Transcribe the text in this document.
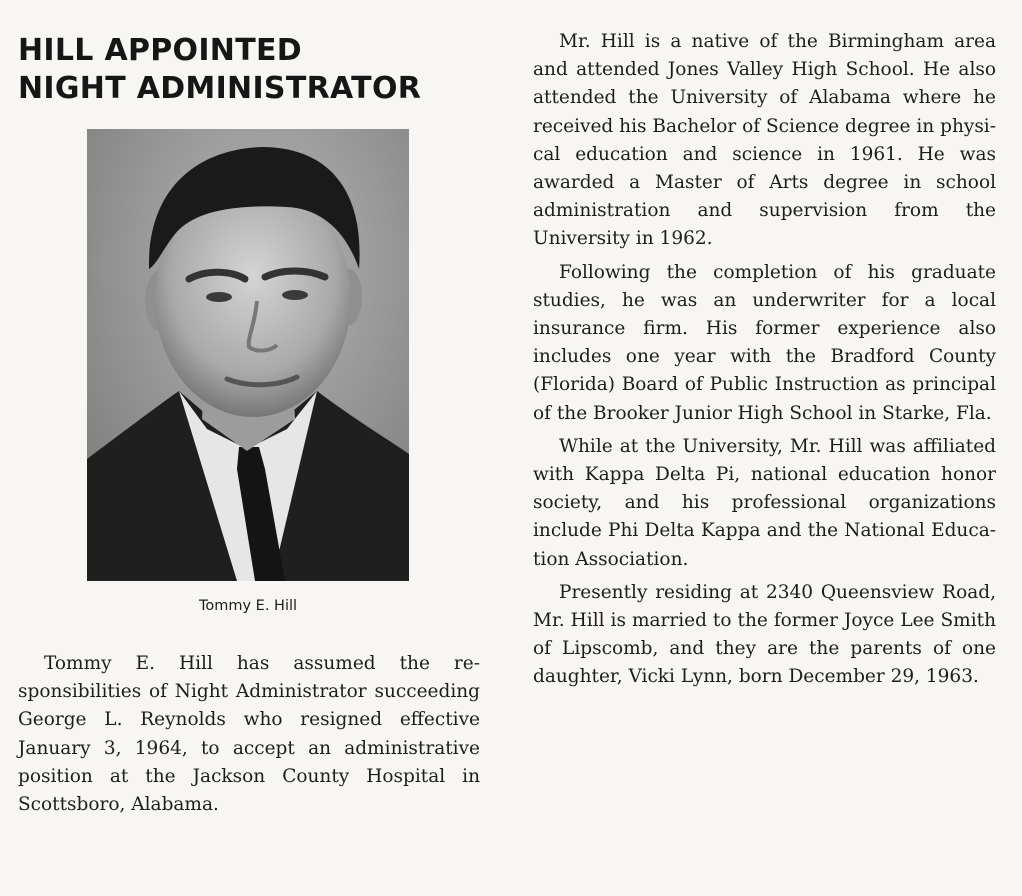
HILL APPOINTED
NIGHT ADMINISTRATOR
Tommy E. Hill

Tommy E. Hill has assumed the responsibilities of Night Administrator succeeding George L. Reynolds who resigned effective January 3, 1964, to accept an administrative position at the Jackson County Hospital in Scottsboro, Alabama.

Mr. Hill is a native of the Birmingham area and attended Jones Valley High School. He also attended the University of Alabama where he received his Bachelor of Science degree in physical education and science in 1961. He was awarded a Master of Arts degree in school administration and supervision from the University in 1962.

Following the completion of his graduate studies, he was an underwriter for a local insurance firm. His former experience also includes one year with the Bradford County (Florida) Board of Public Instruction as principal of the Brooker Junior High School in Starke, Fla.

While at the University, Mr. Hill was affiliated with Kappa Delta Pi, national education honor society, and his professional organizations include Phi Delta Kappa and the National Education Association.

Presently residing at 2340 Queensview Road, Mr. Hill is married to the former Joyce Lee Smith of Lipscomb, and they are the parents of one daughter, Vicki Lynn, born December 29, 1963.
